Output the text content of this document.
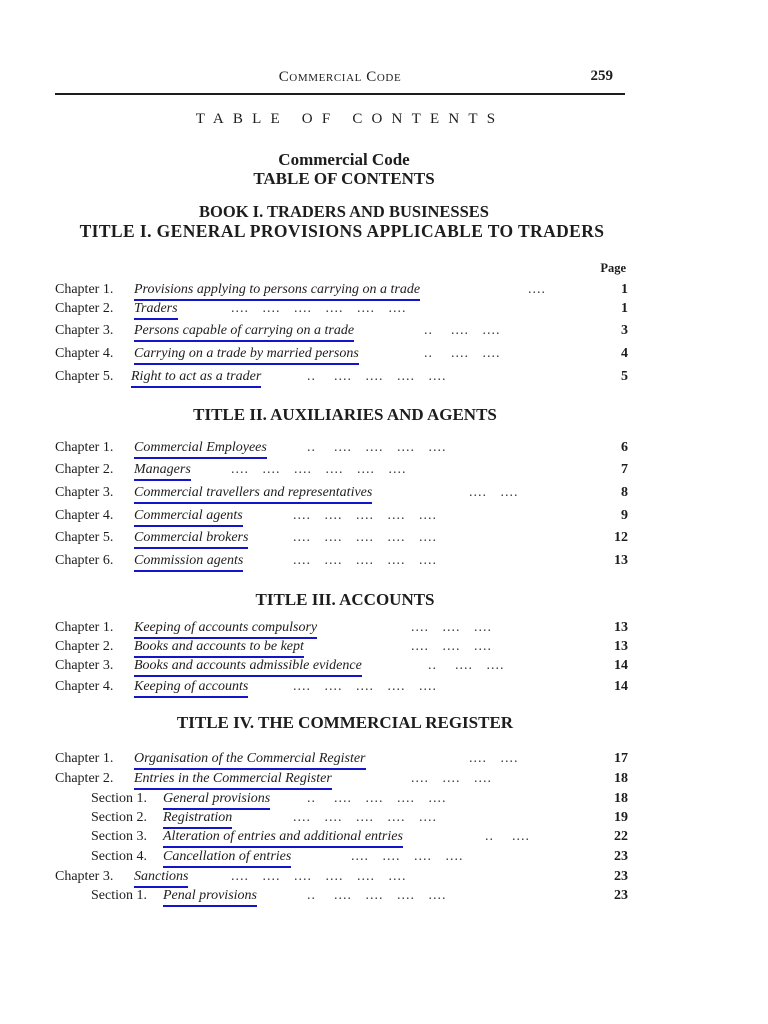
Commercial Code	259
TABLE OF CONTENTS
Commercial Code
TABLE OF CONTENTS
BOOK I. TRADERS AND BUSINESSES
Page
TITLE I. GENERAL PROVISIONS APPLICABLE TO TRADERS
Chapter 1. Provisions applying to persons carrying on a trade	....	1
Chapter 2. Traders	....   ....   ....   ....   ....   ....	1
Chapter 3. Persons capable of carrying on a trade	..    ....   ....	3
Chapter 4. Carrying on a trade by married persons	..    ....   ....	4
Chapter 5. Right to act as a trader	..    ....   ....   ....   ....	5
TITLE II. AUXILIARIES AND AGENTS
Chapter 1. Commercial Employees	..    ....   ....   ....   ....	6
Chapter 2. Managers	....   ....   ....   ....   ....   ....	7
Chapter 3. Commercial travellers and representatives	....   ....	8
Chapter 4. Commercial agents	....   ....   ....   ....   ....	9
Chapter 5. Commercial brokers	....   ....   ....   ....   ....	12
Chapter 6. Commission agents	....   ....   ....   ....   ....	13
TITLE III. ACCOUNTS
Chapter 1. Keeping of accounts compulsory	....   ....   ....	13
Chapter 2. Books and accounts to be kept	....   ....   ....	13
Chapter 3. Books and accounts admissible evidence	..    ....   ....	14
Chapter 4. Keeping of accounts	....   ....   ....   ....   ....	14
TITLE IV. THE COMMERCIAL REGISTER
Chapter 1. Organisation of the Commercial Register	....   ....	17
Chapter 2. Entries in the Commercial Register	....   ....   ....	18
Section 1. General provisions	..    ....   ....   ....   ....	18
Section 2. Registration	....   ....   ....   ....   ....	19
Section 3. Alteration of entries and additional entries	..    ....	22
Section 4. Cancellation of entries	....   ....   ....   ....	23
Chapter 3. Sanctions	....   ....   ....   ....   ....   ....	23
Section 1. Penal provisions	..    ....   ....   ....   ....	23
